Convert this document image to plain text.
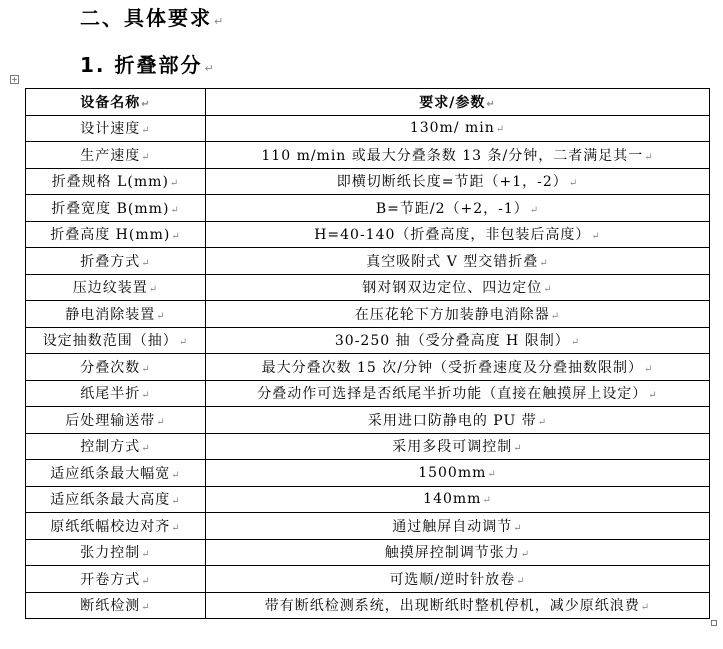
二、具体要求 ↵
1. 折叠部分 ↵
+
设备名称↵	要求/参数↵
设计速度↵	130m/ min↵
生产速度↵	110 m/min 或最大分叠条数 13 条/分钟，二者满足其一↵
折叠规格 L(mm)↵	即横切断纸长度=节距（+1，-2）↵
折叠宽度 B(mm)↵	B=节距/2（+2，-1）↵
折叠高度 H(mm)↵	H=40-140（折叠高度，非包装后高度）↵
折叠方式↵	真空吸附式 V 型交错折叠↵
压边纹装置↵	钢对钢双边定位、四边定位↵
静电消除装置↵	在压花轮下方加装静电消除器↵
设定抽数范围（抽）↵	30-250 抽（受分叠高度 H 限制）↵
分叠次数↵	最大分叠次数 15 次/分钟（受折叠速度及分叠抽数限制）↵
纸尾半折↵	分叠动作可选择是否纸尾半折功能（直接在触摸屏上设定）↵
后处理输送带↵	采用进口防静电的 PU 带↵
控制方式↵	采用多段可调控制↵
适应纸条最大幅宽↵	1500mm↵
适应纸条最大高度↵	140mm↵
原纸纸幅校边对齐↵	通过触屏自动调节↵
张力控制↵	触摸屏控制调节张力↵
开卷方式↵	可选顺/逆时针放卷↵
断纸检测↵	带有断纸检测系统，出现断纸时整机停机，减少原纸浪费↵
